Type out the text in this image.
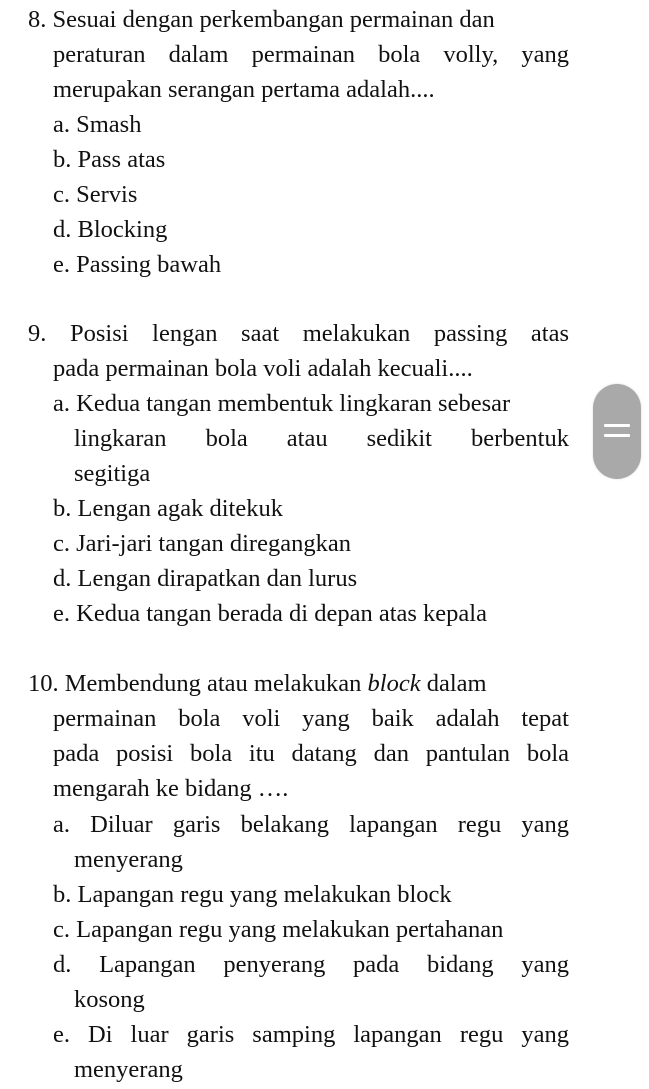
8. Sesuai dengan perkembangan permainan dan
peraturan dalam permainan bola volly, yang
merupakan serangan pertama adalah....
a. Smash
b. Pass atas
c. Servis
d. Blocking
e. Passing bawah
9. Posisi lengan saat melakukan passing atas
pada permainan bola voli adalah kecuali....
a. Kedua tangan membentuk lingkaran sebesar
lingkaran bola atau sedikit berbentuk
segitiga
b. Lengan agak ditekuk
c. Jari-jari tangan diregangkan
d. Lengan dirapatkan dan lurus
e. Kedua tangan berada di depan atas kepala
10. Membendung atau melakukan block dalam
permainan bola voli yang baik adalah tepat
pada posisi bola itu datang dan pantulan bola
mengarah ke bidang ….
a. Diluar garis belakang lapangan regu yang
menyerang
b. Lapangan regu yang melakukan block
c. Lapangan regu yang melakukan pertahanan
d. Lapangan penyerang pada bidang yang
kosong
e. Di luar garis samping lapangan regu yang
menyerang
